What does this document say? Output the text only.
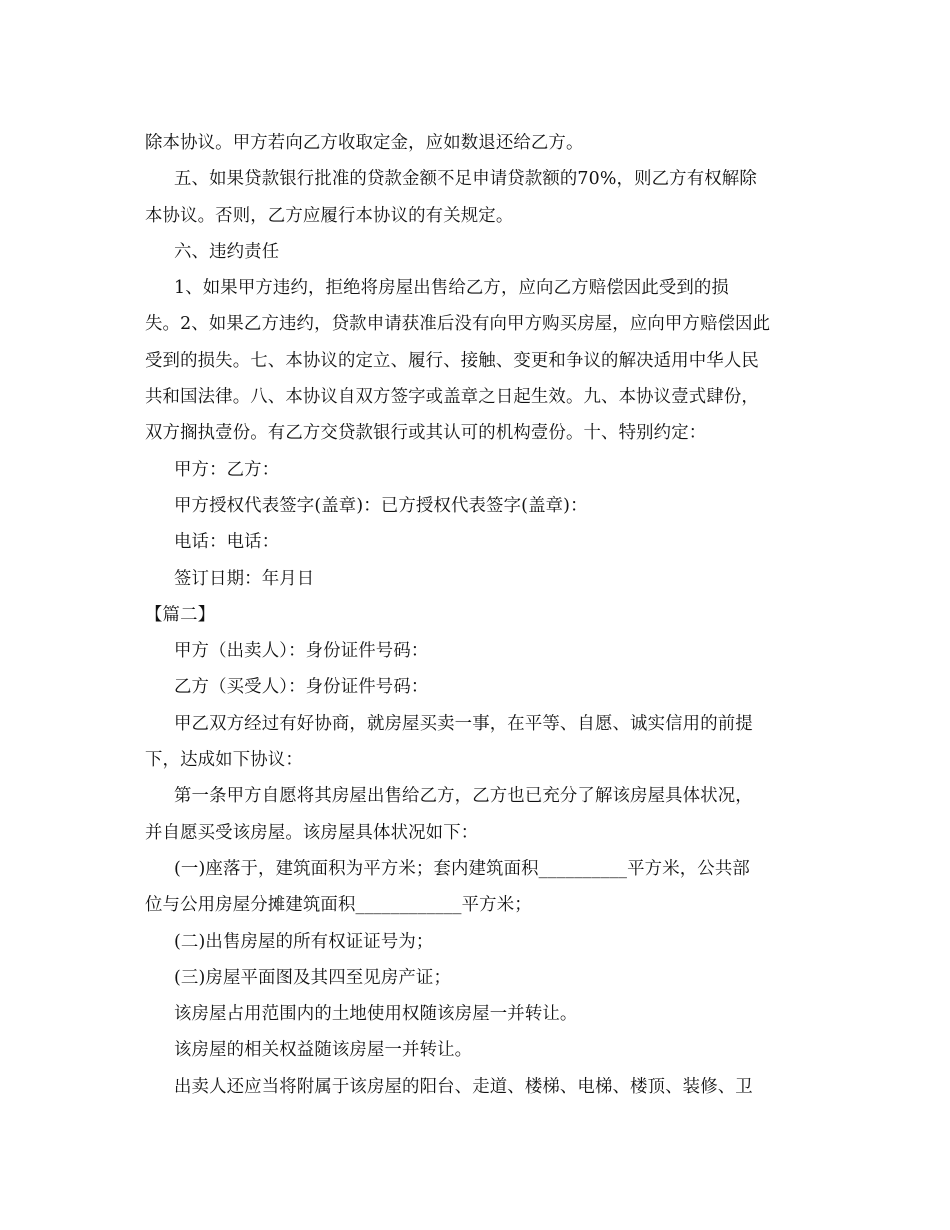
除本协议。甲方若向乙方收取定金，应如数退还给乙方。
五、如果贷款银行批准的贷款金额不足申请贷款额的70%，则乙方有权解除
本协议。否则，乙方应履行本协议的有关规定。
六、违约责任
1、如果甲方违约，拒绝将房屋出售给乙方，应向乙方赔偿因此受到的损
失。2、如果乙方违约，贷款申请获准后没有向甲方购买房屋，应向甲方赔偿因此
受到的损失。七、本协议的定立、履行、接触、变更和争议的解决适用中华人民
共和国法律。八、本协议自双方签字或盖章之日起生效。九、本协议壹式肆份，
双方搁执壹份。有乙方交贷款银行或其认可的机构壹份。十、特别约定：
甲方：乙方：
甲方授权代表签字(盖章)：已方授权代表签字(盖章)：
电话：电话：
签订日期：年月日
【篇二】
甲方（出卖人）：身份证件号码：
乙方（买受人）：身份证件号码：
甲乙双方经过有好协商，就房屋买卖一事，在平等、自愿、诚实信用的前提
下，达成如下协议：
第一条甲方自愿将其房屋出售给乙方，乙方也已充分了解该房屋具体状况，
并自愿买受该房屋。该房屋具体状况如下：
(一)座落于，建筑面积为平方米；套内建筑面积__________平方米，公共部
位与公用房屋分摊建筑面积____________平方米；
(二)出售房屋的所有权证证号为；
(三)房屋平面图及其四至见房产证；
该房屋占用范围内的土地使用权随该房屋一并转让。
该房屋的相关权益随该房屋一并转让。
出卖人还应当将附属于该房屋的阳台、走道、楼梯、电梯、楼顶、装修、卫
